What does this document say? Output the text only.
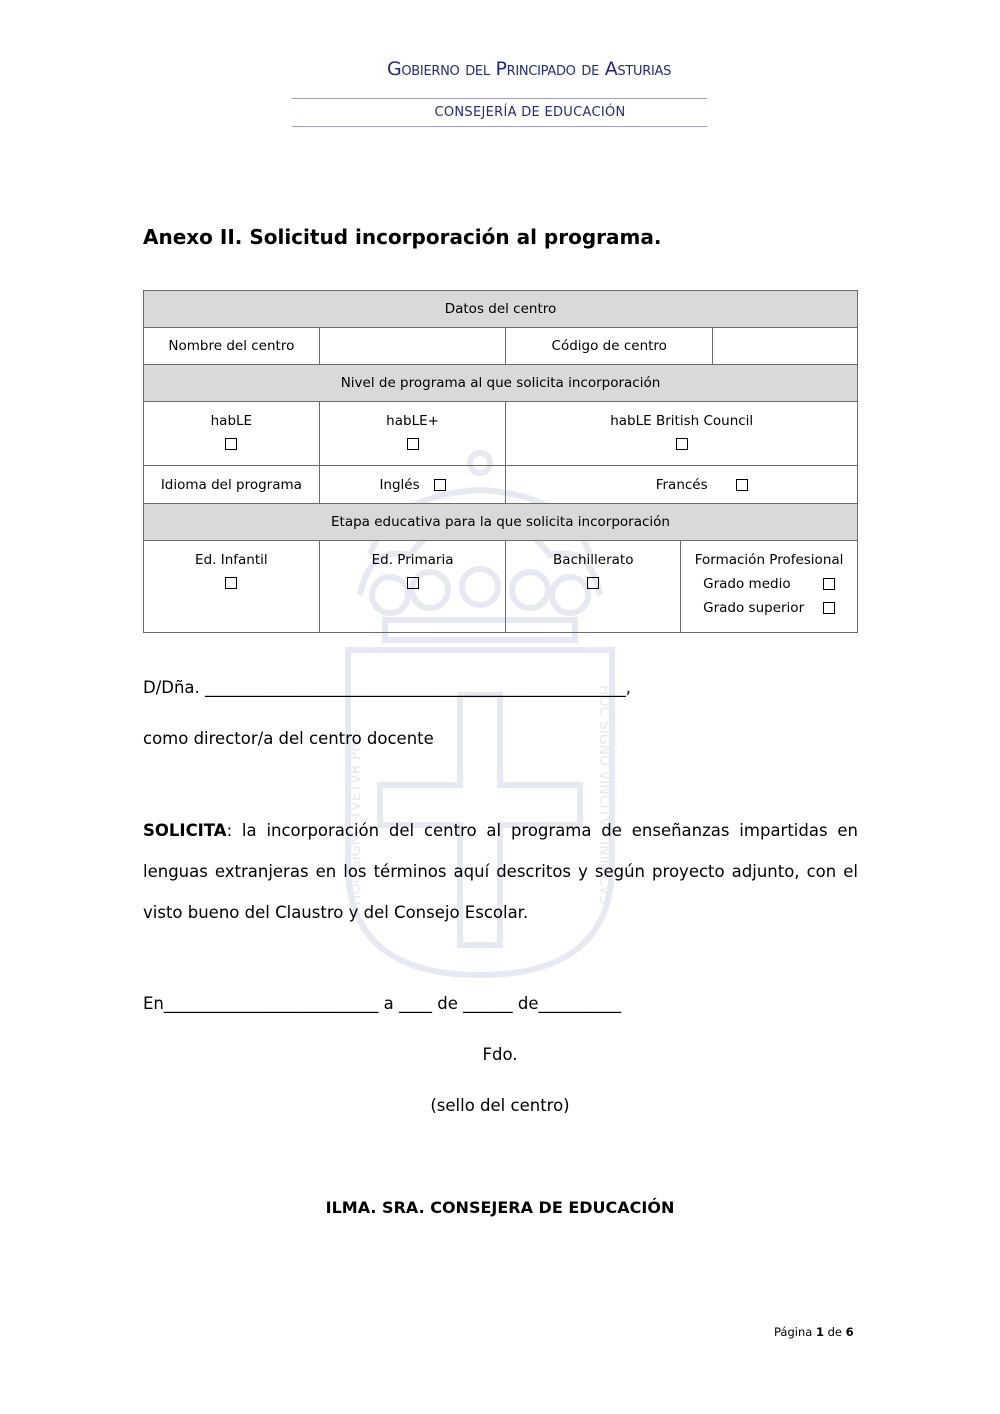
HOC SIGNO TVETVR PIVS	HOC SIGNO VINCITVR INIMICVS
Gobierno del Principado de Asturias
CONSEJERÍA DE EDUCACIÓN
Anexo II. Solicitud incorporación al programa.
Datos del centro				
Nombre del centro		Código de centro		
Nivel de programa al que solicita incorporación				

habLE	habLE+	habLE British Council		

Idioma del programa	Inglés	Francés		
Etapa educativa para la que solicita incorporación				

Ed. Infantil	Ed. Primaria	Bachillerato	Formación Profesional
Grado medio
Grado superior	
D/Dña. ___________________________________________________,
como director/a del centro docente
SOLICITA: la incorporación del centro al programa de enseñanzas impartidas en lenguas extranjeras en los términos aquí descritos y según proyecto adjunto, con el visto bueno del Claustro y del Consejo Escolar.
En__________________________ a ____ de ______ de__________
Fdo.
(sello del centro)
ILMA. SRA. CONSEJERA DE EDUCACIÓN
Página 1 de 6
